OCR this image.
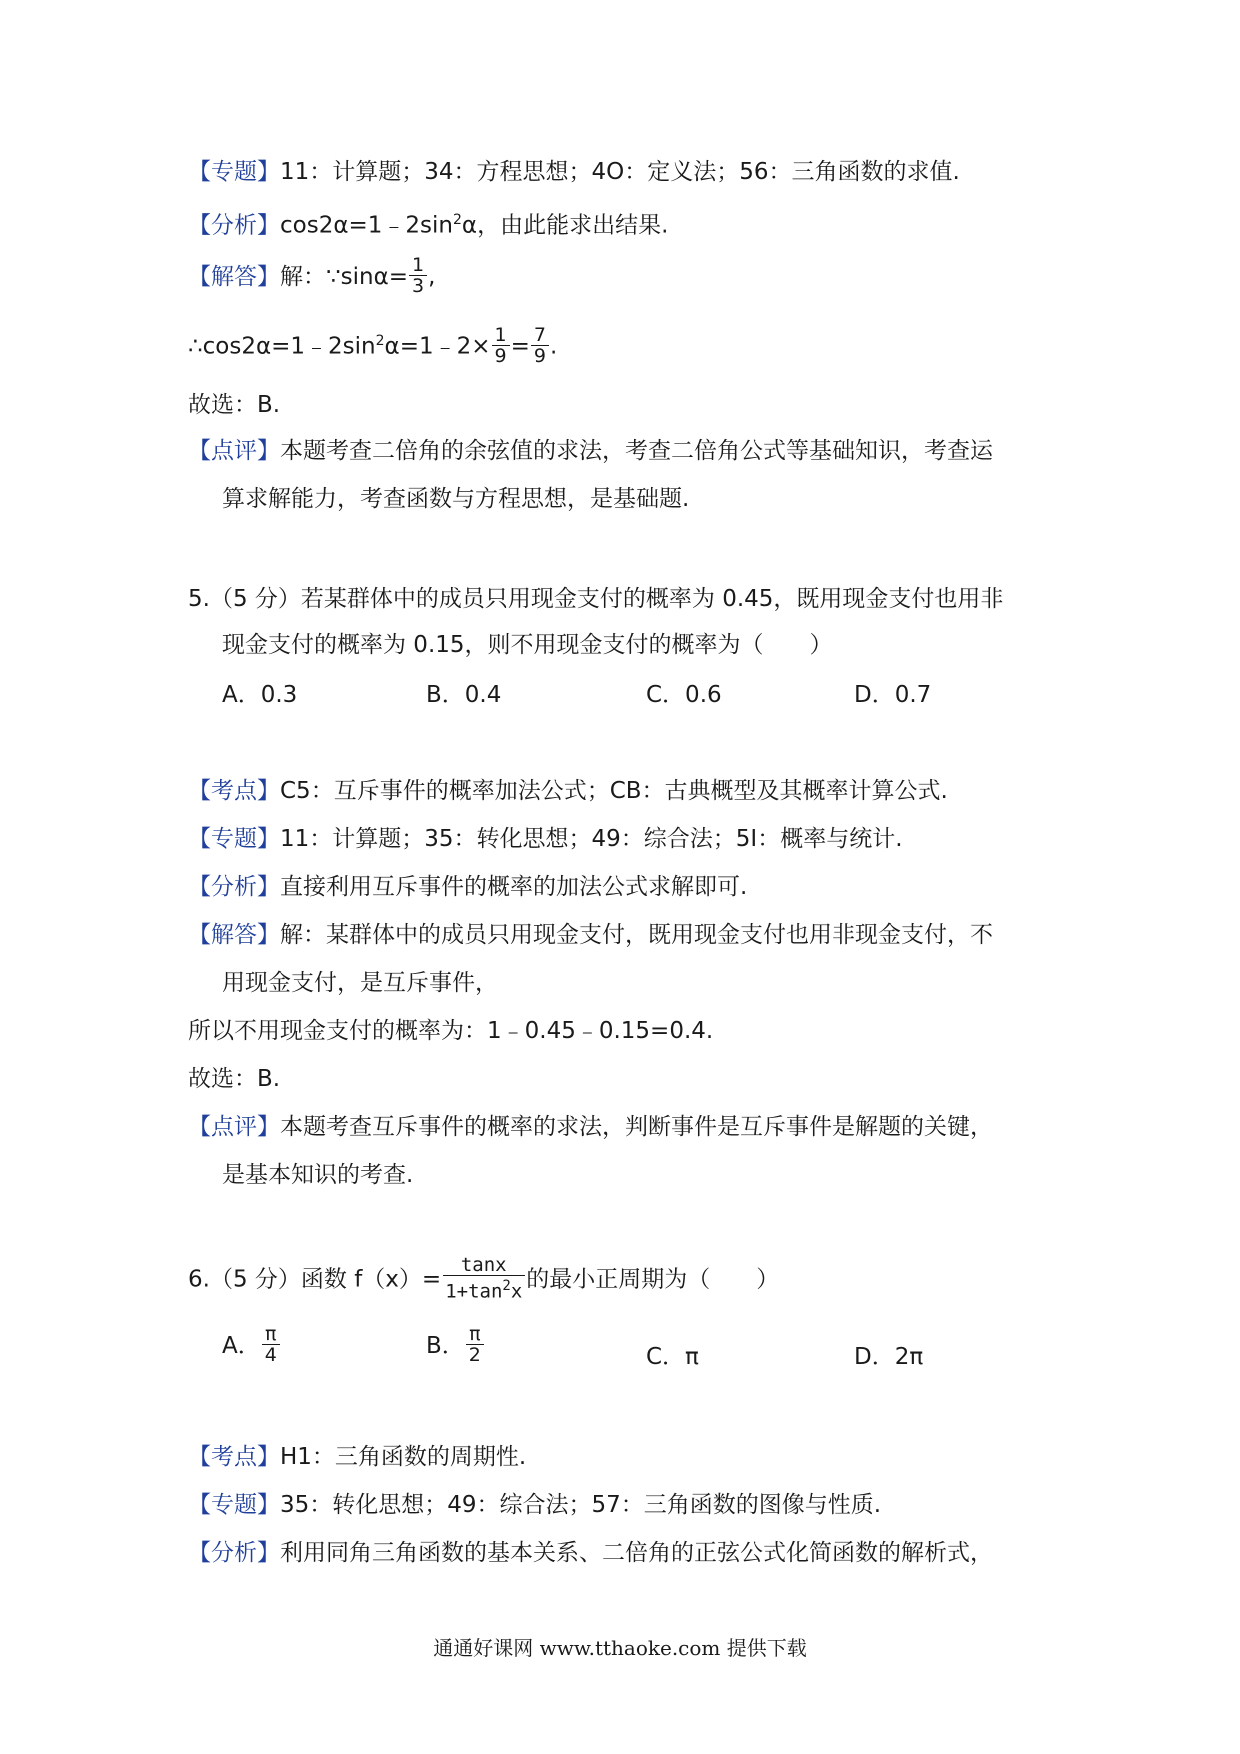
【专题】11：计算题；34：方程思想；4O：定义法；56：三角函数的求值.
【分析】$\cos 2\alpha=1﹣2\sin^2\alpha$，由此能求出结果.
【解答】解：∵sinα= $\frac{1}{3}$ ,
$\therefore\cos 2\alpha=1﹣2\sin^2\alpha=1﹣2\times \frac{1}{9} = \frac{7}{9}$ .
故选：B.
【点评】本题考查二倍角的余弦值的求法，考查二倍角公式等基础知识，考查运
算求解能力，考查函数与方程思想，是基础题.
5.（5 分）若某群体中的成员只用现金支付的概率为 0.45，既用现金支付也用非
现金支付的概率为 0.15，则不用现金支付的概率为（　　）
A．0.3	B．0.4	C．0.6	D．0.7
【考点】C5：互斥事件的概率加法公式；CB：古典概型及其概率计算公式.
【专题】11：计算题；35：转化思想；49：综合法；5I：概率与统计.
【分析】直接利用互斥事件的概率的加法公式求解即可.
【解答】解：某群体中的成员只用现金支付，既用现金支付也用非现金支付，不
用现金支付，是互斥事件，
所以不用现金支付的概率为：1﹣0.45﹣0.15=0.4.
故选：B.
【点评】本题考查互斥事件的概率的求法，判断事件是互斥事件是解题的关键，
是基本知识的考查.
6.（5 分）函数 $f(x)= \frac{\tan x}{1+\tan^2x}$ 的最小正周期为（　　）
A． $\frac{\pi}{4}$	B． $\frac{\pi}{2}$	C．π	D．2π
【考点】H1：三角函数的周期性.
【专题】35：转化思想；49：综合法；57：三角函数的图像与性质.
【分析】利用同角三角函数的基本关系、二倍角的正弦公式化简函数的解析式，
通通好课网 www.tthaoke.com 提供下载
